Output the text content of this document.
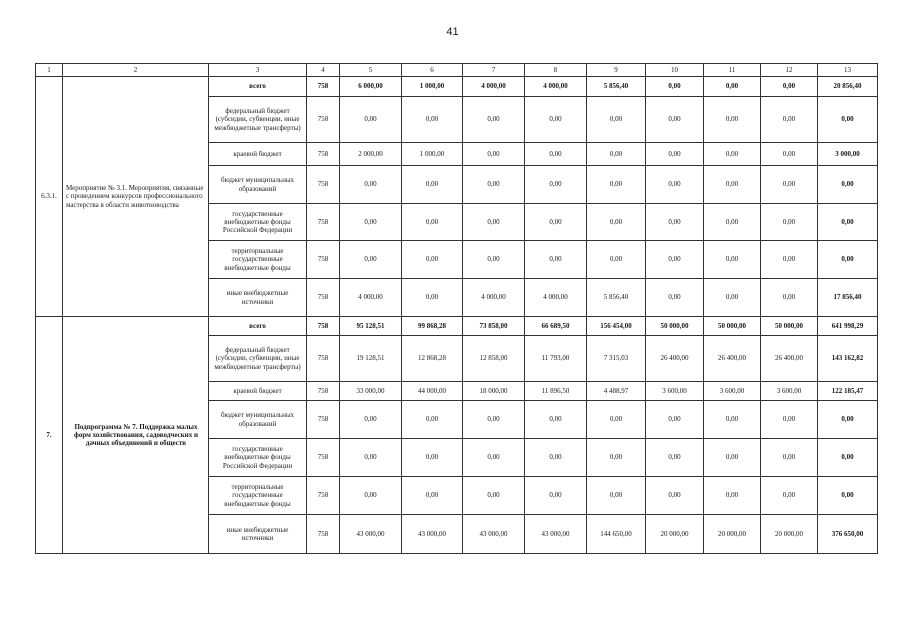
41
1	2	3	4	5	6	7	8	9	10	11	12	13
6.3.1.	Мероприятие № 3.1. Мероприятия, связанные с проведением конкурсов профессионального мастерства в области животноводства	всего	758	6 000,00	1 000,00	4 000,00	4 000,00	5 856,40	0,00	0,00	0,00	20 856,40
		федеральный бюджет (субсидии, субвенции, иные межбюджетные трансферты)	758	0,00	0,00	0,00	0,00	0,00	0,00	0,00	0,00	0,00
		краевой бюджет	758	2 000,00	1 000,00	0,00	0,00	0,00	0,00	0,00	0,00	3 000,00
		бюджет муниципальных образований	758	0,00	0,00	0,00	0,00	0,00	0,00	0,00	0,00	0,00
		государственные внебюджетные фонды Российской Федерации	758	0,00	0,00	0,00	0,00	0,00	0,00	0,00	0,00	0,00
		территориальные государственные внебюджетные фонды	758	0,00	0,00	0,00	0,00	0,00	0,00	0,00	0,00	0,00
		иные внебюджетные источники	758	4 000,00	0,00	4 000,00	4 000,00	5 856,40	0,00	0,00	0,00	17 856,40
7.	Подпрограмма № 7. Поддержка малых форм хозяйствования, садоводческих и дачных объединений и обществ	всего	758	95 128,51	99 868,28	73 858,00	66 689,50	156 454,00	50 000,00	50 000,00	50 000,00	641 998,29
		федеральный бюджет (субсидии, субвенции, иные межбюджетные трансферты)	758	19 128,51	12 868,28	12 858,00	11 793,00	7 315,03	26 400,00	26 400,00	26 400,00	143 162,82
		краевой бюджет	758	33 000,00	44 000,00	18 000,00	11 896,50	4 488,97	3 600,00	3 600,00	3 600,00	122 185,47
		бюджет муниципальных образований	758	0,00	0,00	0,00	0,00	0,00	0,00	0,00	0,00	0,00
		государственные внебюджетные фонды Российской Федерации	758	0,00	0,00	0,00	0,00	0,00	0,00	0,00	0,00	0,00
		территориальные государственные внебюджетные фонды	758	0,00	0,00	0,00	0,00	0,00	0,00	0,00	0,00	0,00
		иные внебюджетные источники	758	43 000,00	43 000,00	43 000,00	43 000,00	144 650,00	20 000,00	20 000,00	20 000,00	376 650,00
